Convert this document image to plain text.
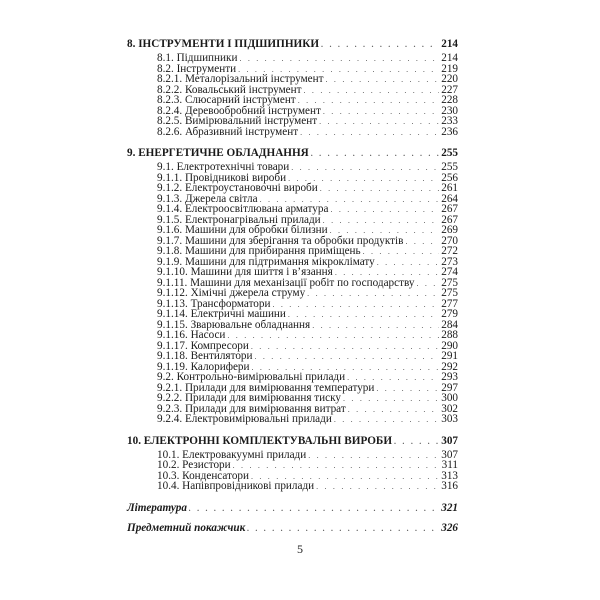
8. ІНСТРУМЕНТИ І ПІДШИПНИКИ . . .	214
8.1. Підшипники . . .	214
8.2. Інструменти . . .	219
8.2.1. Металорізальний інструмент . . .	220
8.2.2. Ковальський інструмент . . .	227
8.2.3. Слюсарний інструмент . . .	228
8.2.4. Деревообробний інструмент . . .	230
8.2.5. Вимірювальний інструмент . . .	233
8.2.6. Абразивний інструмент . . .	236
9. ЕНЕРГЕТИЧНЕ ОБЛАДНАННЯ . . .	255
9.1. Електротехнічні товари . . .	255
9.1.1. Провідникові вироби . . .	256
9.1.2. Електроустановочні вироби . . .	261
9.1.3. Джерела світла . . .	264
9.1.4. Електроосвітлювана арматура . . .	267
9.1.5. Електронагрівальні прилади . . .	267
9.1.6. Машини для обробки білизни . . .	269
9.1.7. Машини для зберігання та обробки продуктів . . .	270
9.1.8. Машини для прибирання приміщень . . .	272
9.1.9. Машини для підтримання мікроклімату . . .	273
9.1.10. Машини для шиття і в’язання . . .	274
9.1.11. Машини для механізації робіт по господарству . . . 275
9.1.12. Хімічні джерела струму . . .	275
9.1.13. Трансформатори . . .	277
9.1.14. Електричні машини . . .	279
9.1.15. Зварювальне обладнання . . .	284
9.1.16. Насоси . . .	288
9.1.17. Компресори . . .	290
9.1.18. Вентилятори . . .	291
9.1.19. Калорифери . . .	292
9.2. Контрольно-вимірювальні прилади . . .	293
9.2.1. Прилади для вимірювання температури . . .	297
9.2.2. Прилади для вимірювання тиску . . .	300
9.2.3. Прилади для вимірювання витрат . . .	302
9.2.4. Електровимірювальні прилади . . .	303
10. ЕЛЕКТРОННІ КОМПЛЕКТУВАЛЬНІ ВИРОБИ . . .	307
10.1. Електровакуумні прилади . . .	307
10.2. Резистори . . .	311
10.3. Конденсатори . . .	313
10.4. Напівпровідникові прилади . . .	316
Література . . .	321
Предметний покажчик . . .	326
5
